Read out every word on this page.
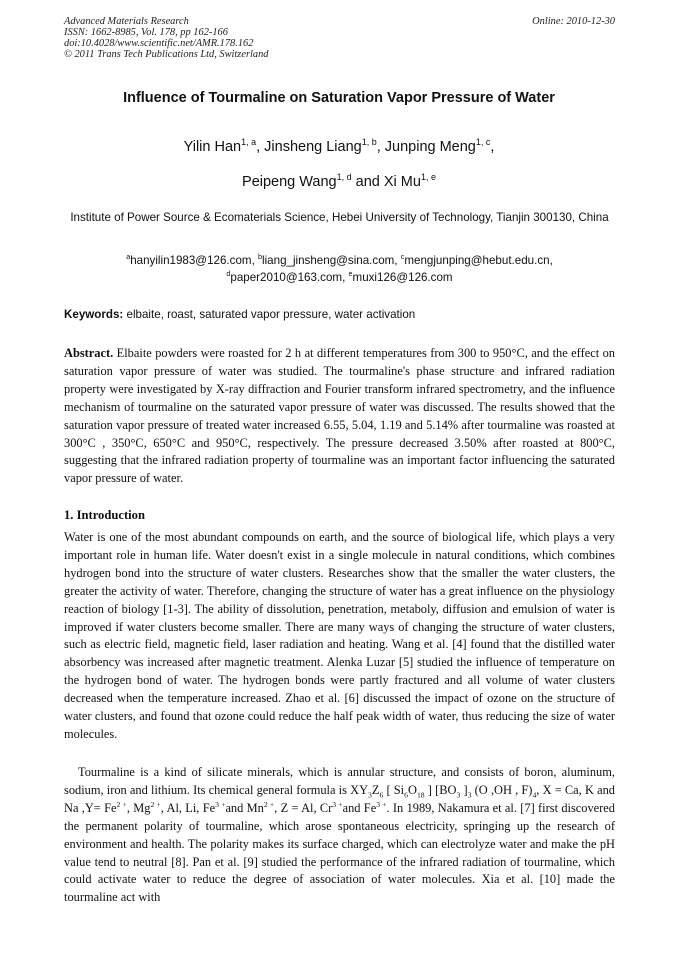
Advanced Materials Research
ISSN: 1662-8985, Vol. 178, pp 162-166
doi:10.4028/www.scientific.net/AMR.178.162
© 2011 Trans Tech Publications Ltd, Switzerland
Online: 2010-12-30
Influence of Tourmaline on Saturation Vapor Pressure of Water
Yilin Han$^{1, a}$, Jinsheng Liang$^{1, b}$, Junping Meng$^{1, c}$,
Peipeng Wang$^{1, d}$ and Xi Mu$^{1, e}$
Institute of Power Source & Ecomaterials Science, Hebei University of Technology, Tianjin 300130, China
$^a$hanyilin1983@126.com, $^b$liang_jinsheng@sina.com, $^c$mengjunping@hebut.edu.cn,
$^d$paper2010@163.com, $^e$muxi126@126.com
Keywords: elbaite, roast, saturated vapor pressure, water activation
Abstract. Elbaite powders were roasted for 2 h at different temperatures from 300 to 950°C, and the effect on saturation vapor pressure of water was studied. The tourmaline's phase structure and infrared radiation property were investigated by X-ray diffraction and Fourier transform infrared spectrometry, and the influence mechanism of tourmaline on the saturated vapor pressure of water was discussed. The results showed that the saturation vapor pressure of treated water increased 6.55, 5.04, 1.19 and 5.14% after tourmaline was roasted at 300°C , 350°C, 650°C and 950°C, respectively. The pressure decreased 3.50% after roasted at 800°C, suggesting that the infrared radiation property of tourmaline was an important factor influencing the saturated vapor pressure of water.
1. Introduction
Water is one of the most abundant compounds on earth, and the source of biological life, which plays a very important role in human life. Water doesn't exist in a single molecule in natural conditions, which combines hydrogen bond into the structure of water clusters. Researches show that the smaller the water clusters, the greater the activity of water. Therefore, changing the structure of water has a great influence on the physiology reaction of biology [1-3]. The ability of dissolution, penetration, metaboly, diffusion and emulsion of water is improved if water clusters become smaller. There are many ways of changing the structure of water clusters, such as electric field, magnetic field, laser radiation and heating. Wang et al. [4] found that the distilled water absorbency was increased after magnetic treatment. Alenka Luzar [5] studied the influence of temperature on the hydrogen bond of water. The hydrogen bonds were partly fractured and all volume of water clusters decreased when the temperature increased. Zhao et al. [6] discussed the impact of ozone on the structure of water clusters, and found that ozone could reduce the half peak width of water, thus reducing the size of water molecules.
Tourmaline is a kind of silicate minerals, which is annular structure, and consists of boron, aluminum, sodium, iron and lithium. Its chemical general formula is $XY_3Z_6$ [ $Si_6O_{18}$ ] [$BO_3$ ]$_3$ (O ,OH , $F)_4$, X = Ca, K and Na $,Y= Fe^{2 +}$, $Mg^{2 +}$, Al, Li, $Fe^{3 +}and$ $Mn^{2 +}$, Z = Al, $Cr^{3 +}and$ $Fe^{3 +}$. In 1989, Nakamura et al. [7] first discovered the permanent polarity of tourmaline, which arose spontaneous electricity, springing up the research of environment and health. The polarity makes its surface charged, which can electrolyze water and make the pH value tend to neutral [8]. Pan et al. [9] studied the performance of the infrared radiation of tourmaline, which could activate water to reduce the degree of association of water molecules. Xia et al. [10] made the tourmaline act with
